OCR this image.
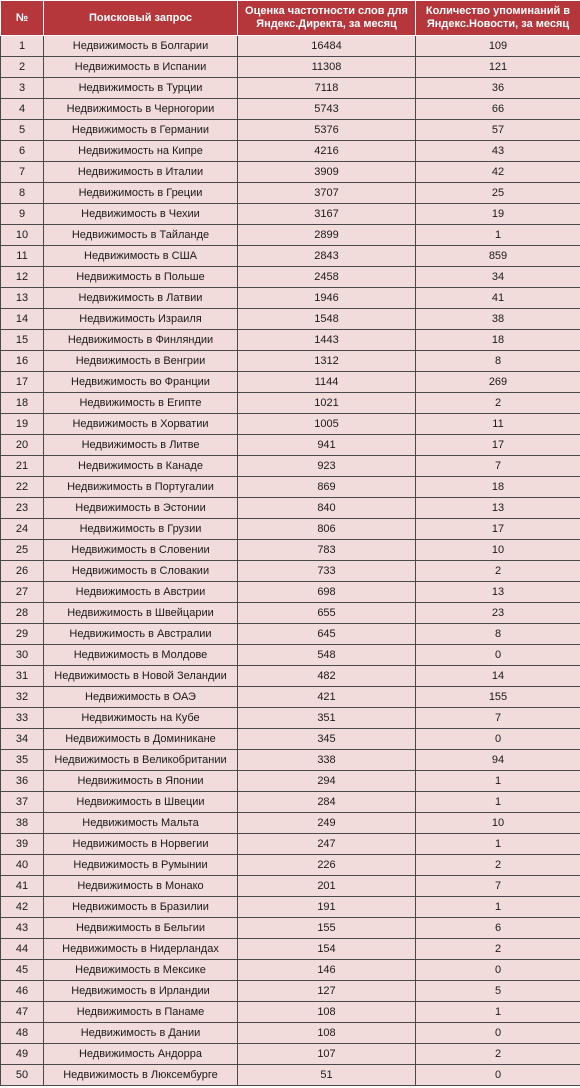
№	Поисковый запрос	Оценка частотности слов для Яндекс.Директа, за месяц	Количество упоминаний в Яндекс.Новости, за месяц
1	Недвижимость в Болгарии	16484	109
2	Недвижимость в Испании	11308	121
3	Недвижимость в Турции	7118	36
4	Недвижимость в Черногории	5743	66
5	Недвижимость в Германии	5376	57
6	Недвижимость на Кипре	4216	43
7	Недвижимость в Италии	3909	42
8	Недвижимость в Греции	3707	25
9	Недвижимость в Чехии	3167	19
10	Недвижимость в Тайланде	2899	1
11	Недвижимость в США	2843	859
12	Недвижимость в Польше	2458	34
13	Недвижимость в Латвии	1946	41
14	Недвижимость Израиля	1548	38
15	Недвижимость в Финляндии	1443	18
16	Недвижимость в Венгрии	1312	8
17	Недвижимость во Франции	1144	269
18	Недвижимость в Египте	1021	2
19	Недвижимость в Хорватии	1005	11
20	Недвижимость в Литве	941	17
21	Недвижимость в Канаде	923	7
22	Недвижимость в Португалии	869	18
23	Недвижимость в Эстонии	840	13
24	Недвижимость в Грузии	806	17
25	Недвижимость в Словении	783	10
26	Недвижимость в Словакии	733	2
27	Недвижимость в Австрии	698	13
28	Недвижимость в Швейцарии	655	23
29	Недвижимость в Австралии	645	8
30	Недвижимость в Молдове	548	0
31	Недвижимость в Новой Зеландии	482	14
32	Недвижимость в ОАЭ	421	155
33	Недвижимость на Кубе	351	7
34	Недвижимость в Доминикане	345	0
35	Недвижимость в Великобритании	338	94
36	Недвижимость в Японии	294	1
37	Недвижимость в Швеции	284	1
38	Недвижимость Мальта	249	10
39	Недвижимость в Норвегии	247	1
40	Недвижимость в Румынии	226	2
41	Недвижимость в Монако	201	7
42	Недвижимость в Бразилии	191	1
43	Недвижимость в Бельгии	155	6
44	Недвижимость в Нидерландах	154	2
45	Недвижимость в Мексике	146	0
46	Недвижимость в Ирландии	127	5
47	Недвижимость в Панаме	108	1
48	Недвижимость в Дании	108	0
49	Недвижимость Андорра	107	2
50	Недвижимость в Люксембурге	51	0
